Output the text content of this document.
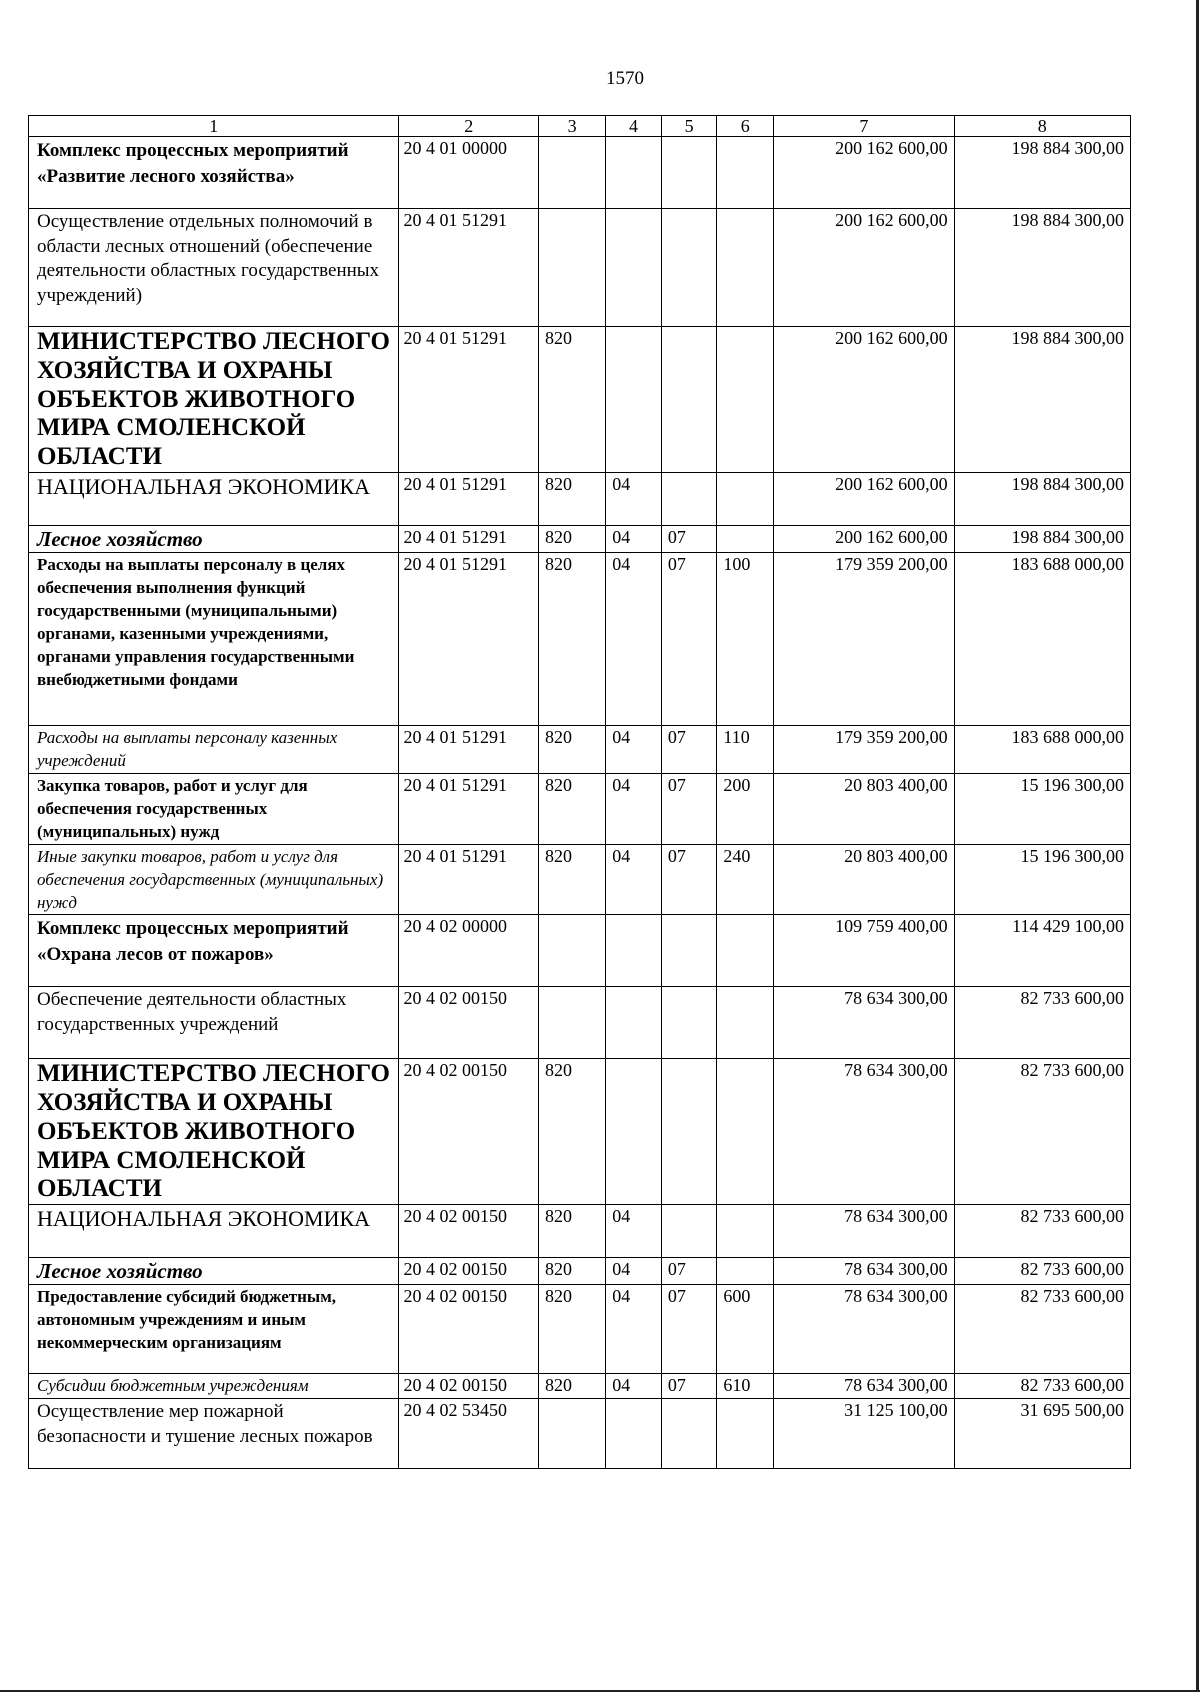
1570
1	2	3	4	5	6	7	8
Комплекс процессных мероприятий «Развитие лесного хозяйства»	20 4 01 00000					200 162 600,00	198 884 300,00
Осуществление отдельных полномочий в области лесных отношений (обеспечение деятельности областных государственных учреждений)	20 4 01 51291					200 162 600,00	198 884 300,00
МИНИСТЕРСТВО ЛЕСНОГО ХОЗЯЙСТВА И ОХРАНЫ ОБЪЕКТОВ ЖИВОТНОГО МИРА СМОЛЕНСКОЙ ОБЛАСТИ	20 4 01 51291	820				200 162 600,00	198 884 300,00
НАЦИОНАЛЬНАЯ ЭКОНОМИКА	20 4 01 51291	820	04			200 162 600,00	198 884 300,00
Лесное хозяйство	20 4 01 51291	820	04	07		200 162 600,00	198 884 300,00
Расходы на выплаты персоналу в целях обеспечения выполнения функций государственными (муниципальными) органами, казенными учреждениями, органами управления государственными внебюджетными фондами	20 4 01 51291	820	04	07	100	179 359 200,00	183 688 000,00
Расходы на выплаты персоналу казенных учреждений	20 4 01 51291	820	04	07	110	179 359 200,00	183 688 000,00
Закупка товаров, работ и услуг для обеспечения государственных (муниципальных) нужд	20 4 01 51291	820	04	07	200	20 803 400,00	15 196 300,00
Иные закупки товаров, работ и услуг для обеспечения государственных (муниципальных) нужд	20 4 01 51291	820	04	07	240	20 803 400,00	15 196 300,00
Комплекс процессных мероприятий «Охрана лесов от пожаров»	20 4 02 00000					109 759 400,00	114 429 100,00
Обеспечение деятельности областных государственных учреждений	20 4 02 00150					78 634 300,00	82 733 600,00
МИНИСТЕРСТВО ЛЕСНОГО ХОЗЯЙСТВА И ОХРАНЫ ОБЪЕКТОВ ЖИВОТНОГО МИРА СМОЛЕНСКОЙ ОБЛАСТИ	20 4 02 00150	820				78 634 300,00	82 733 600,00
НАЦИОНАЛЬНАЯ ЭКОНОМИКА	20 4 02 00150	820	04			78 634 300,00	82 733 600,00
Лесное хозяйство	20 4 02 00150	820	04	07		78 634 300,00	82 733 600,00
Предоставление субсидий бюджетным, автономным учреждениям и иным некоммерческим организациям	20 4 02 00150	820	04	07	600	78 634 300,00	82 733 600,00
Субсидии бюджетным учреждениям	20 4 02 00150	820	04	07	610	78 634 300,00	82 733 600,00
Осуществление мер пожарной безопасности и тушение лесных пожаров	20 4 02 53450					31 125 100,00	31 695 500,00
